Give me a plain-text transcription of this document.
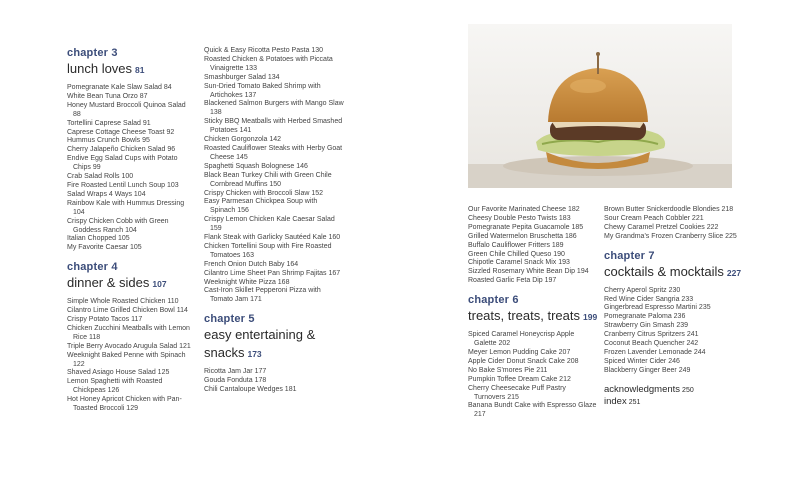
chapter 3
lunch loves 81
Pomegranate Kale Slaw Salad 84
White Bean Tuna Orzo 87
Honey Mustard Broccoli Quinoa Salad 88
Tortellini Caprese Salad 91
Caprese Cottage Cheese Toast 92
Hummus Crunch Bowls 95
Cherry Jalapeño Chicken Salad 96
Endive Egg Salad Cups with Potato Chips 99
Crab Salad Rolls 100
Fire Roasted Lentil Lunch Soup 103
Salad Wraps 4 Ways 104
Rainbow Kale with Hummus Dressing 104
Crispy Chicken Cobb with Green Goddess Ranch 104
Italian Chopped 105
My Favorite Caesar 105
chapter 4
dinner & sides 107
Simple Whole Roasted Chicken 110
Cilantro Lime Grilled Chicken Bowl 114
Crispy Potato Tacos 117
Chicken Zucchini Meatballs with Lemon Rice 118
Triple Berry Avocado Arugula Salad 121
Weeknight Baked Penne with Spinach 122
Shaved Asiago House Salad 125
Lemon Spaghetti with Roasted Chickpeas 126
Hot Honey Apricot Chicken with Pan-Toasted Broccoli 129
Quick & Easy Ricotta Pesto Pasta 130
Roasted Chicken & Potatoes with Piccata Vinaigrette 133
Smashburger Salad 134
Sun-Dried Tomato Baked Shrimp with Artichokes 137
Blackened Salmon Burgers with Mango Slaw 138
Sticky BBQ Meatballs with Herbed Smashed Potatoes 141
Chicken Gorgonzola 142
Roasted Cauliflower Steaks with Herby Goat Cheese 145
Spaghetti Squash Bolognese 146
Black Bean Turkey Chili with Green Chile Cornbread Muffins 150
Crispy Chicken with Broccoli Slaw 152
Easy Parmesan Chickpea Soup with Spinach 156
Crispy Lemon Chicken Kale Caesar Salad 159
Flank Steak with Garlicky Sautéed Kale 160
Chicken Tortellini Soup with Fire Roasted Tomatoes 163
French Onion Dutch Baby 164
Cilantro Lime Sheet Pan Shrimp Fajitas 167
Weeknight White Pizza 168
Cast-Iron Skillet Pepperoni Pizza with Tomato Jam 171
chapter 5
easy entertaining & snacks 173
Ricotta Jam Jar 177
Gouda Fonduta 178
Chili Cantaloupe Wedges 181
Our Favorite Marinated Cheese 182
Cheesy Double Pesto Twists 183
Pomegranate Pepita Guacamole 185
Grilled Watermelon Bruschetta 186
Buffalo Cauliflower Fritters 189
Green Chile Chilled Queso 190
Chipotle Caramel Snack Mix 193
Sizzled Rosemary White Bean Dip 194
Roasted Garlic Feta Dip 197
chapter 6
treats, treats, treats 199
Spiced Caramel Honeycrisp Apple Galette 202
Meyer Lemon Pudding Cake 207
Apple Cider Donut Snack Cake 208
No Bake S'mores Pie 211
Pumpkin Toffee Dream Cake 212
Cherry Cheesecake Puff Pastry Turnovers 215
Banana Bundt Cake with Espresso Glaze 217
Brown Butter Snickerdoodle Blondies 218
Sour Cream Peach Cobbler 221
Chewy Caramel Pretzel Cookies 222
My Grandma's Frozen Cranberry Slice 225
chapter 7
cocktails & mocktails 227
Cherry Aperol Spritz 230
Red Wine Cider Sangria 233
Gingerbread Espresso Martini 235
Pomegranate Paloma 236
Strawberry Gin Smash 239
Cranberry Citrus Spritzers 241
Coconut Beach Quencher 242
Frozen Lavender Lemonade 244
Spiced Winter Cider 246
Blackberry Ginger Beer 249
acknowledgments 250
index 251
